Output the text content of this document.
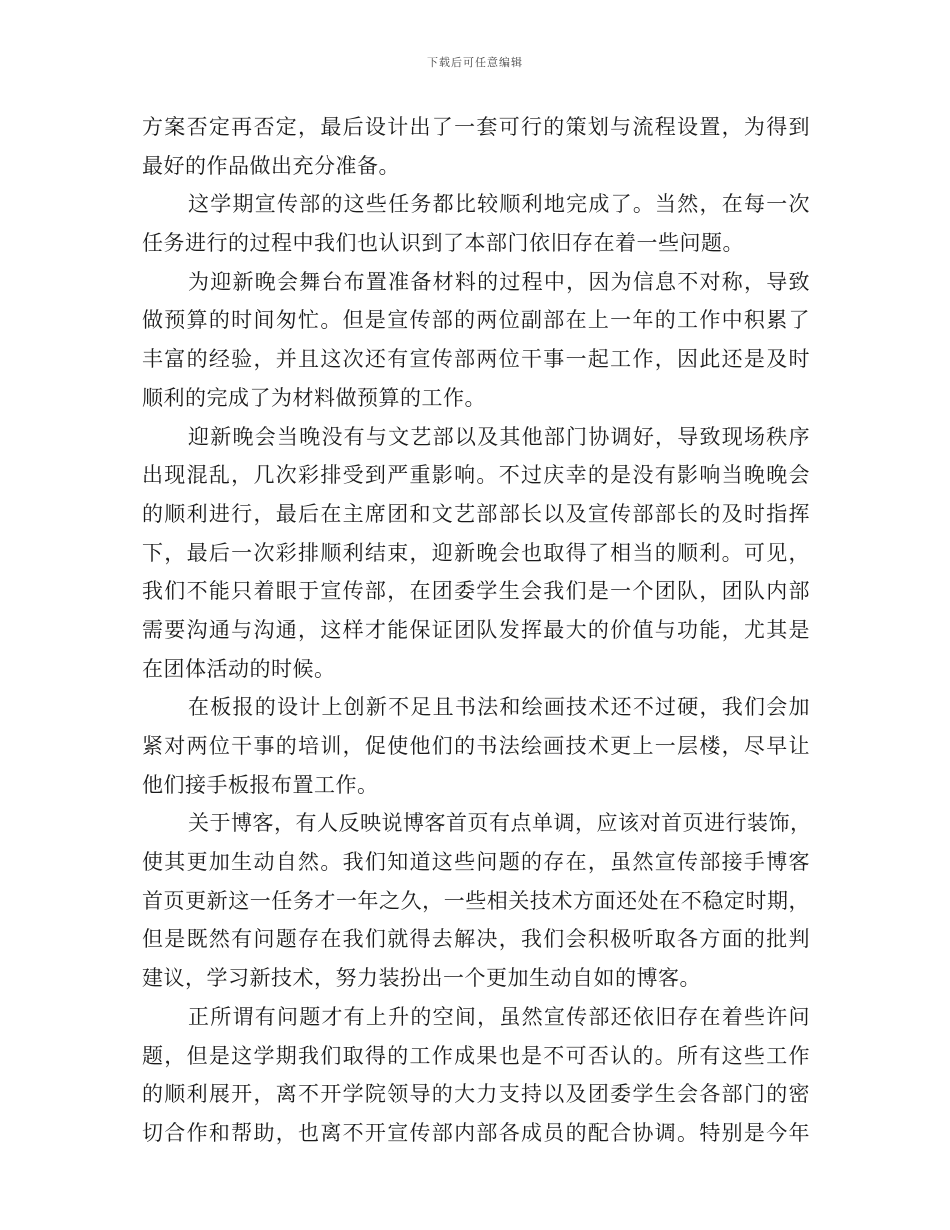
下载后可任意编辑
方案否定再否定，最后设计出了一套可行的策划与流程设置，为得到
最好的作品做出充分准备。
这学期宣传部的这些任务都比较顺利地完成了。当然，在每一次
任务进行的过程中我们也认识到了本部门依旧存在着一些问题。
为迎新晚会舞台布置准备材料的过程中，因为信息不对称，导致
做预算的时间匆忙。但是宣传部的两位副部在上一年的工作中积累了
丰富的经验，并且这次还有宣传部两位干事一起工作，因此还是及时
顺利的完成了为材料做预算的工作。
迎新晚会当晚没有与文艺部以及其他部门协调好，导致现场秩序
出现混乱，几次彩排受到严重影响。不过庆幸的是没有影响当晚晚会
的顺利进行，最后在主席团和文艺部部长以及宣传部部长的及时指挥
下，最后一次彩排顺利结束，迎新晚会也取得了相当的顺利。可见，
我们不能只着眼于宣传部，在团委学生会我们是一个团队，团队内部
需要沟通与沟通，这样才能保证团队发挥最大的价值与功能，尤其是
在团体活动的时候。
在板报的设计上创新不足且书法和绘画技术还不过硬，我们会加
紧对两位干事的培训，促使他们的书法绘画技术更上一层楼，尽早让
他们接手板报布置工作。
关于博客，有人反映说博客首页有点单调，应该对首页进行装饰，
使其更加生动自然。我们知道这些问题的存在，虽然宣传部接手博客
首页更新这一任务才一年之久，一些相关技术方面还处在不稳定时期，
但是既然有问题存在我们就得去解决，我们会积极听取各方面的批判
建议，学习新技术，努力装扮出一个更加生动自如的博客。
正所谓有问题才有上升的空间，虽然宣传部还依旧存在着些许问
题，但是这学期我们取得的工作成果也是不可否认的。所有这些工作
的顺利展开，离不开学院领导的大力支持以及团委学生会各部门的密
切合作和帮助，也离不开宣传部内部各成员的配合协调。特别是今年
